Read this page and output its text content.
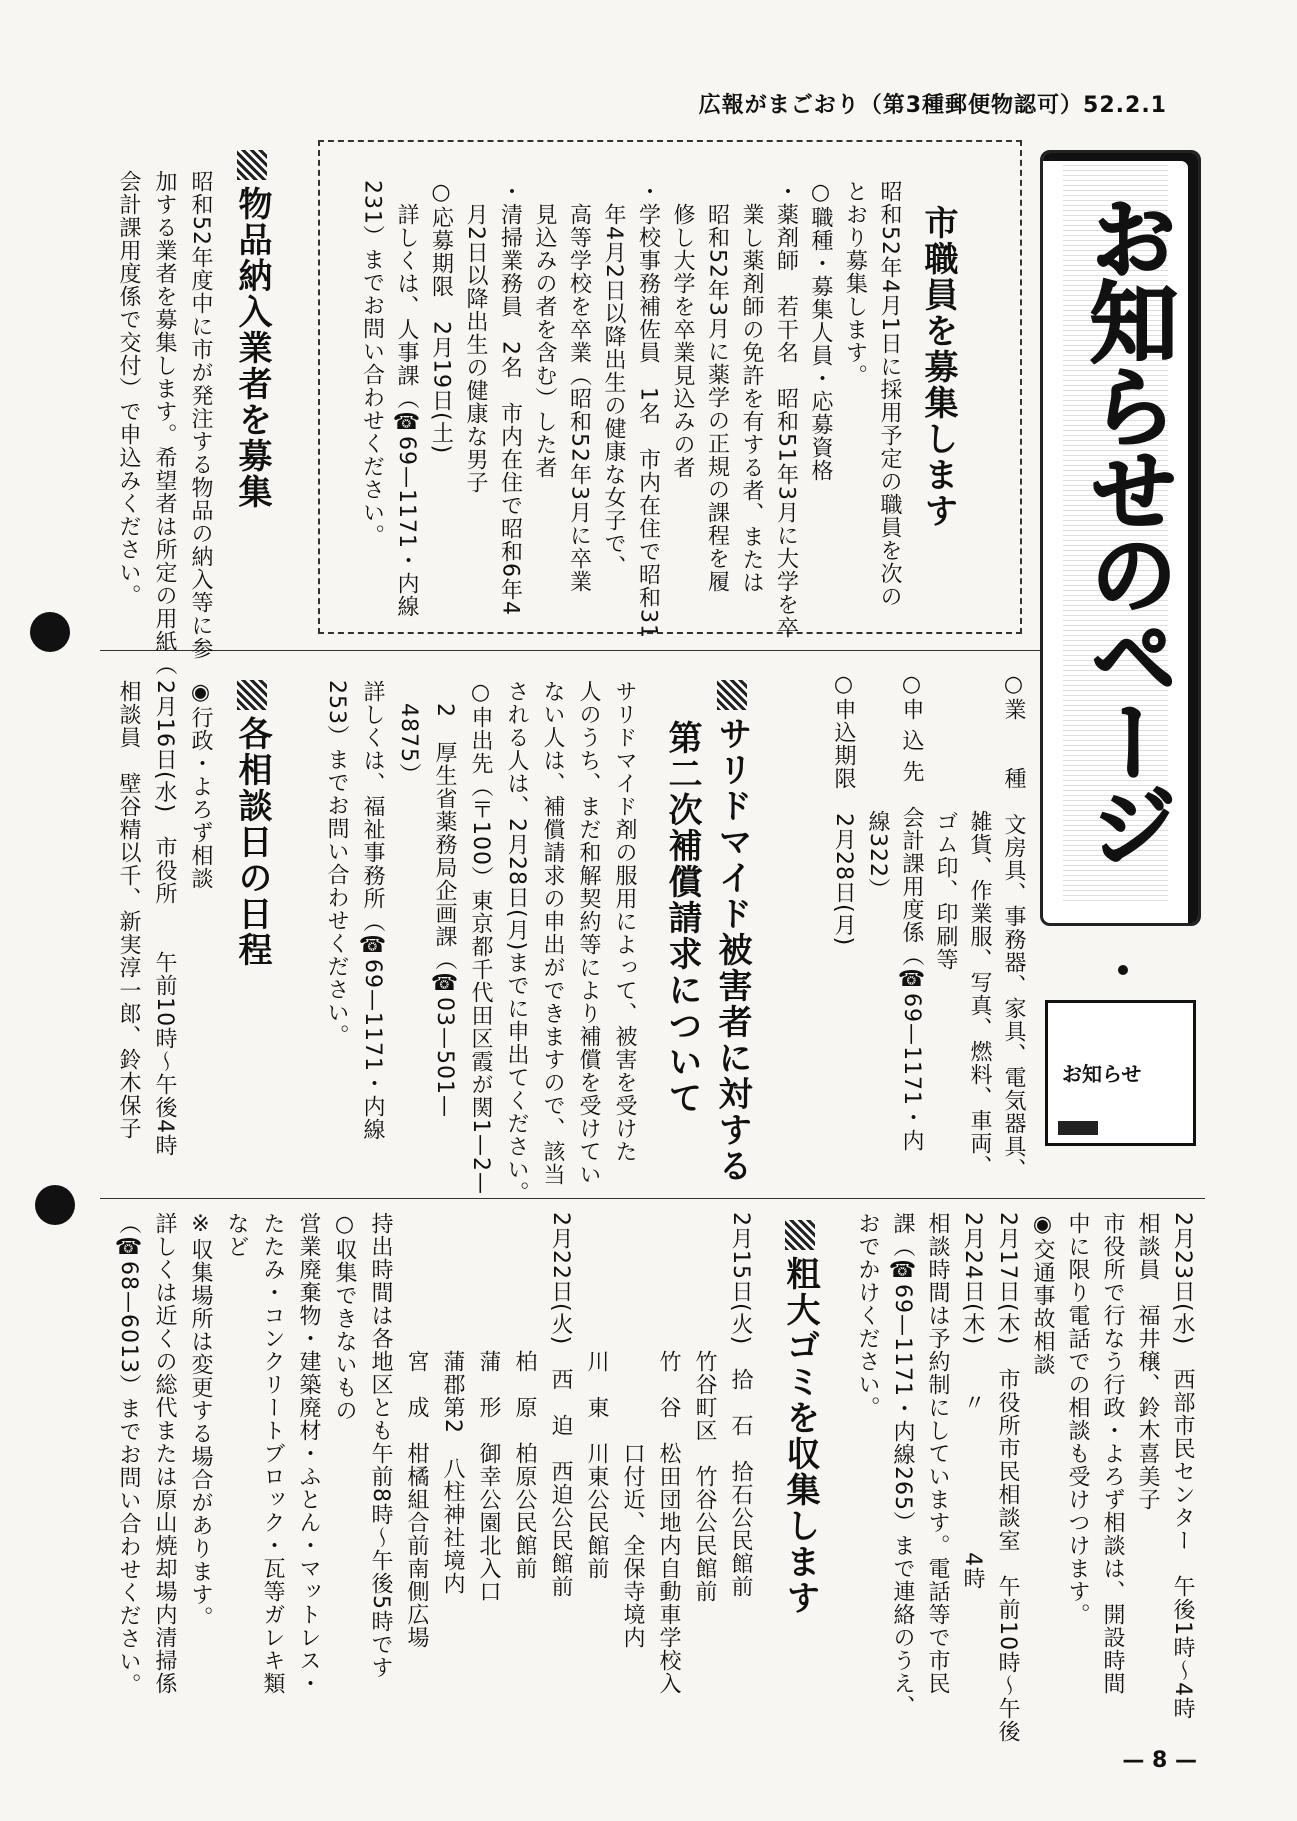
広報がまごおり（第3種郵便物認可）52.2.1
お知らせのページ
お知らせ
市職員を募集します
昭和52年4月1日に採用予定の職員を次の
とおり募集します。
○職種・募集人員・応募資格
・薬剤師　若干名　昭和51年3月に大学を卒
　業し薬剤師の免許を有する者、または
　昭和52年3月に薬学の正規の課程を履
　修し大学を卒業見込みの者
・学校事務補佐員　1名　市内在住で昭和31
　年4月2日以降出生の健康な女子で、
　高等学校を卒業（昭和52年3月に卒業
　見込みの者を含む）した者
・清掃業務員　2名　市内在住で昭和6年4
　月2日以降出生の健康な男子
○応募期限　2月19日(土)
　詳しくは、人事課（☎69—1171・内線
231）までお問い合わせください。
物品納入業者を募集
昭和52年度中に市が発注する物品の納入等に参
加する業者を募集します。希望者は所定の用紙（
会計課用度係で交付）で申込みください。
○業　　種　文房具、事務器、家具、電気器具、
　　　　　　雑貨、作業服、写真、燃料、車両、
　　　　　　ゴム印、印刷等
○申 込 先　会計課用度係（☎69—1171・内
　　　　　　線322）
○申込期限　2月28日(月)
サリドマイド被害者に対する
第二次補償請求について
サリドマイド剤の服用によって、被害を受けた
人のうち、まだ和解契約等により補償を受けてい
ない人は、補償請求の申出ができますので、該当
される人は、2月28日(月)までに申出てください。
○申出先（〒100）東京都千代田区霞が関1—2—
　2　厚生省薬務局企画課（☎03—501—
　4875）
詳しくは、福祉事務所（☎69—1171・内線
253）までお問い合わせください。
各相談日の日程
◉行政・よろず相談
2月16日(水)　市役所　　午前10時～午後4時
相談員　壁谷精以千、新実淳一郎、鈴木保子
2月23日(水)　西部市民センター　午後1時～4時
相談員　福井穣、鈴木喜美子
市役所で行なう行政・よろず相談は、開設時間
中に限り電話での相談も受けつけます。
◉交通事故相談
2月17日(木)　市役所市民相談室　午前10時～午後
2月24日(木)　　〃　　　　　　4時
相談時間は予約制にしています。電話等で市民
課（☎69—1171・内線265）まで連絡のうえ、
おでかけください。
粗大ゴミを収集します
2月15日(火)　拾　石　拾石公民館前
　　　　　　竹谷町区　竹谷公民館前
　　　　　　竹　谷　松田団地内自動車学校入
　　　　　　　　　　口付近、全保寺境内
　　　　　　川　東　川東公民館前
2月22日(火)　西　迫　西迫公民館前
　　　　　　柏　原　柏原公民館前
　　　　　　蒲　形　御幸公園北入口
　　　　　　蒲郡第2　八柱神社境内
　　　　　　宮　成　柑橘組合前南側広場
持出時間は各地区とも午前8時～午後5時です
○収集できないもの
営業廃棄物・建築廃材・ふとん・マットレス・
たたみ・コンクリートブロック・瓦等ガレキ類
など
※収集場所は変更する場合があります。
詳しくは近くの総代または原山焼却場内清掃係
（☎68—6013）までお問い合わせください。
— 8 —
